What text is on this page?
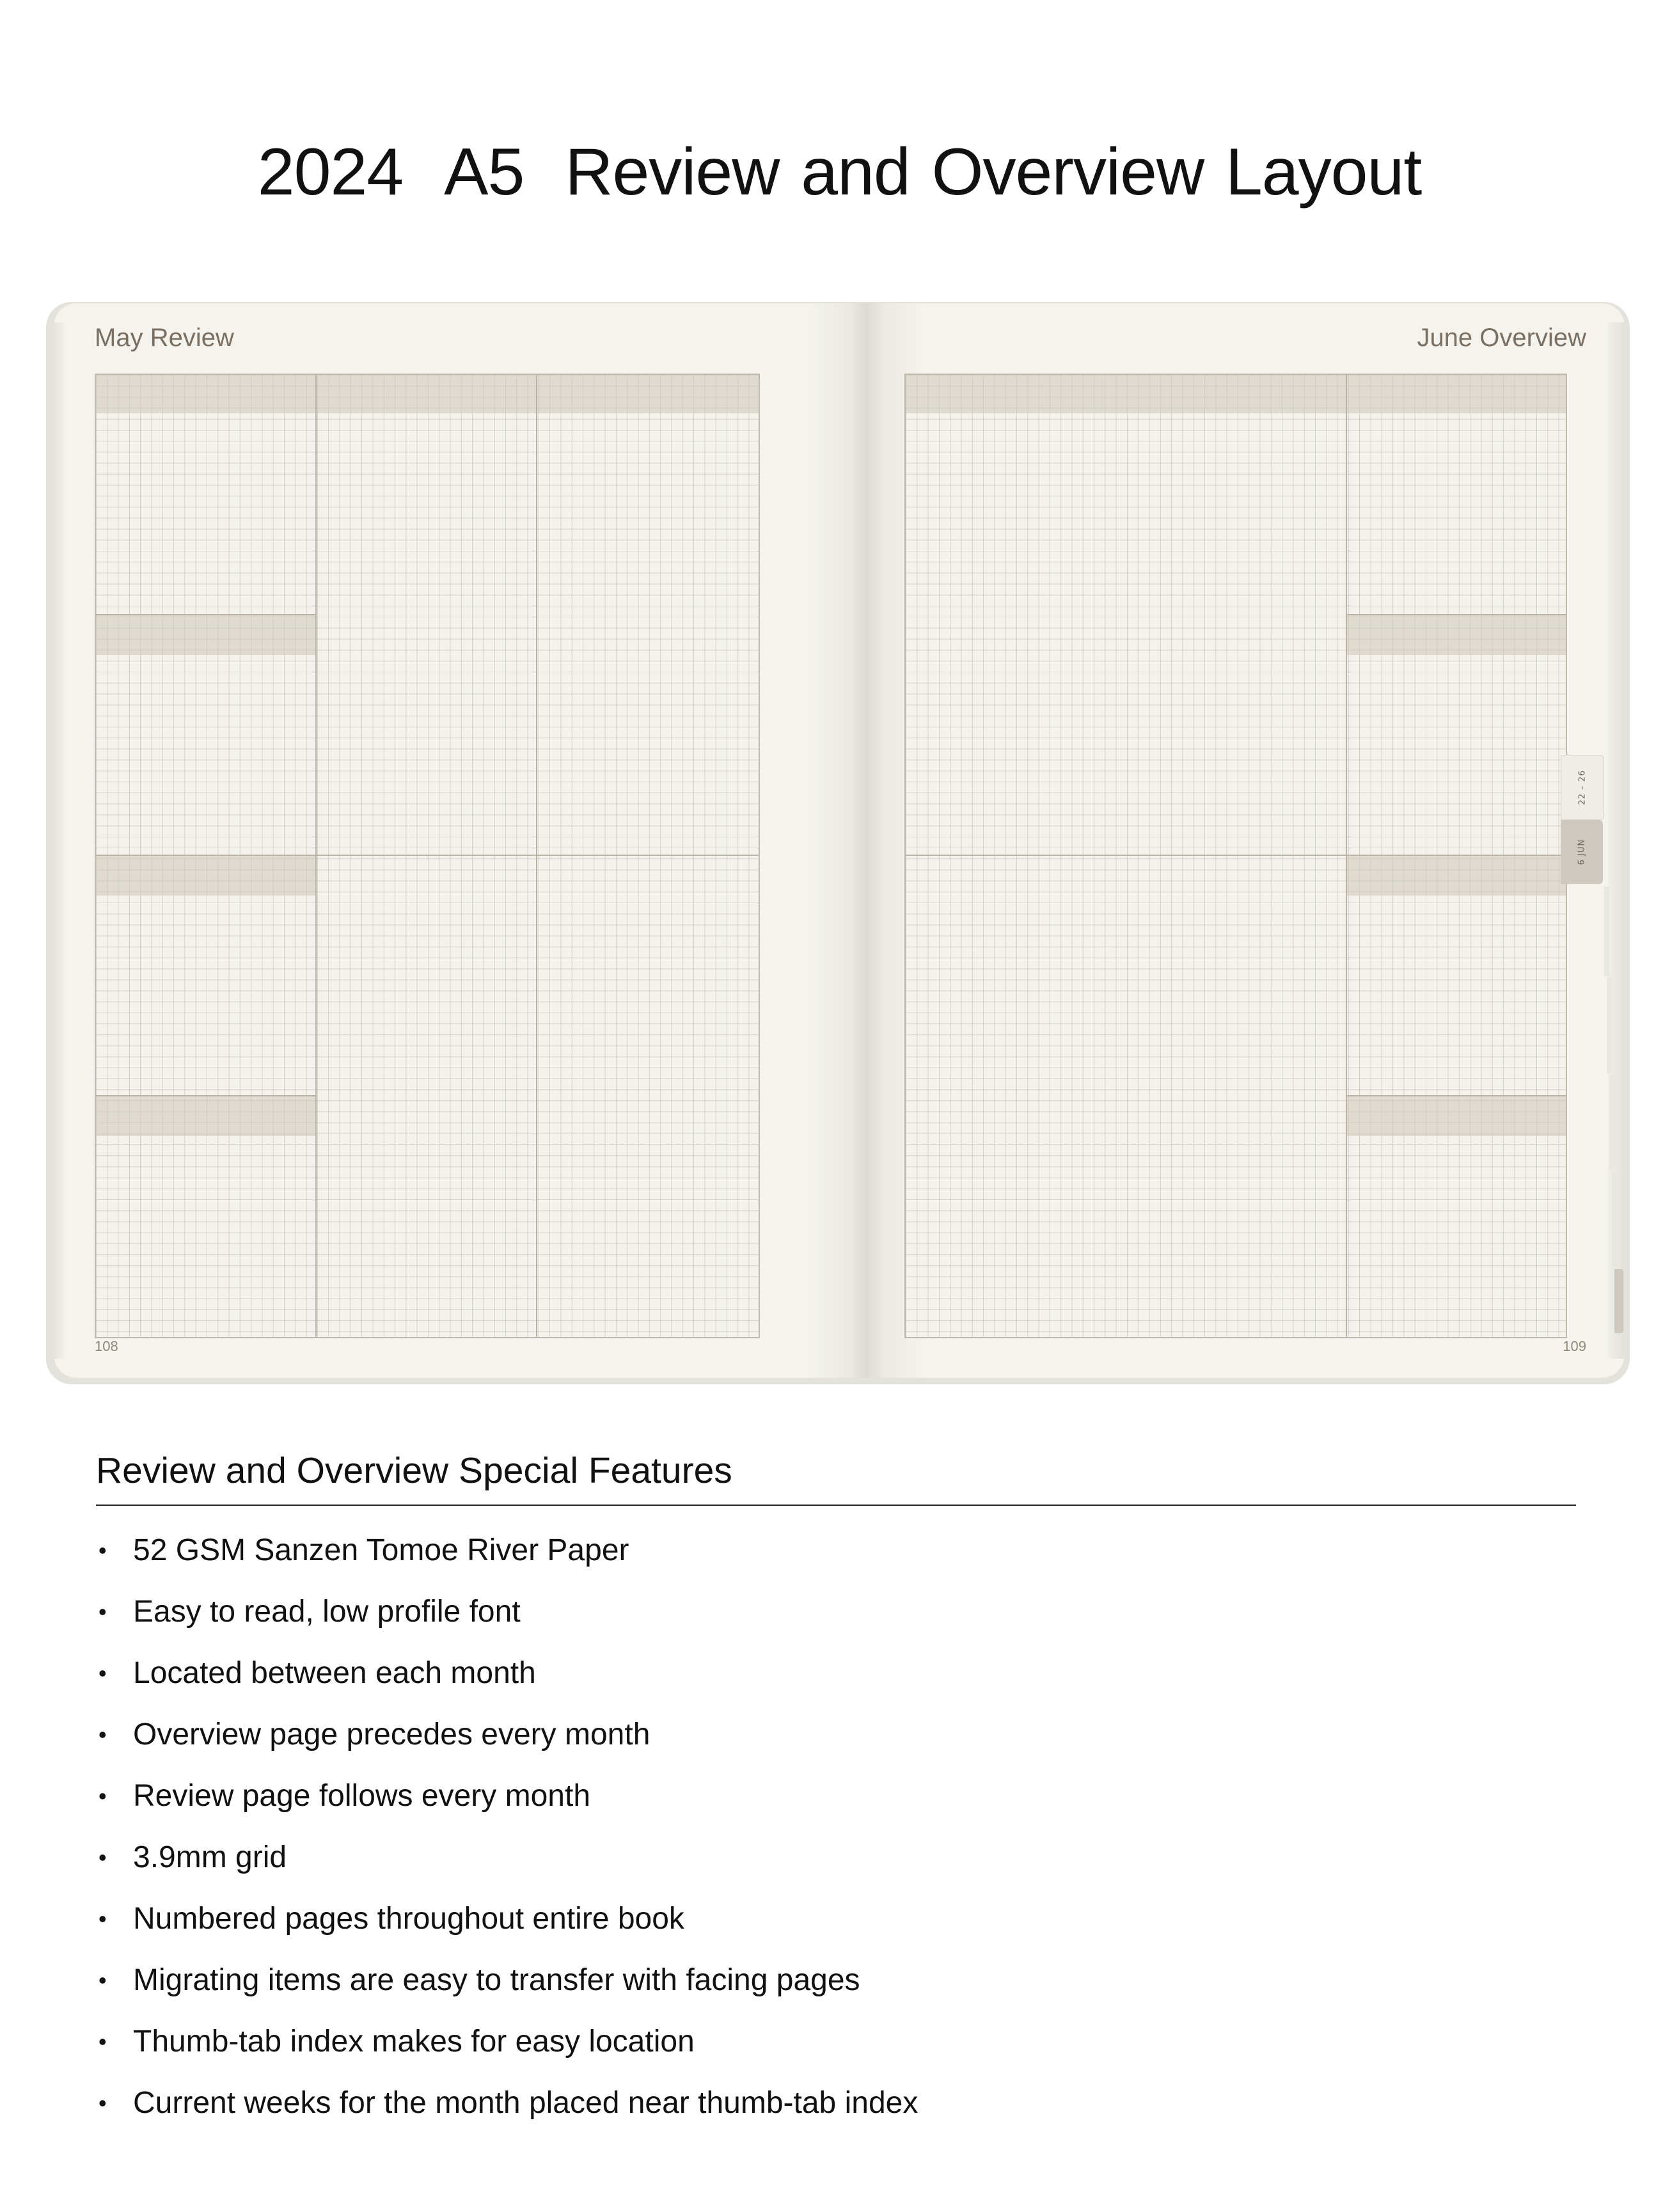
2024 A5 Review and Overview Layout
May Review
108
June Overview
109
22 – 26
6 JUN
Review and Overview Special Features
• 52 GSM Sanzen Tomoe River Paper
• Easy to read, low profile font
• Located between each month
• Overview page precedes every month
• Review page follows every month
• 3.9mm grid
• Numbered pages throughout entire book
• Migrating items are easy to transfer with facing pages
• Thumb-tab index makes for easy location
• Current weeks for the month placed near thumb-tab index
